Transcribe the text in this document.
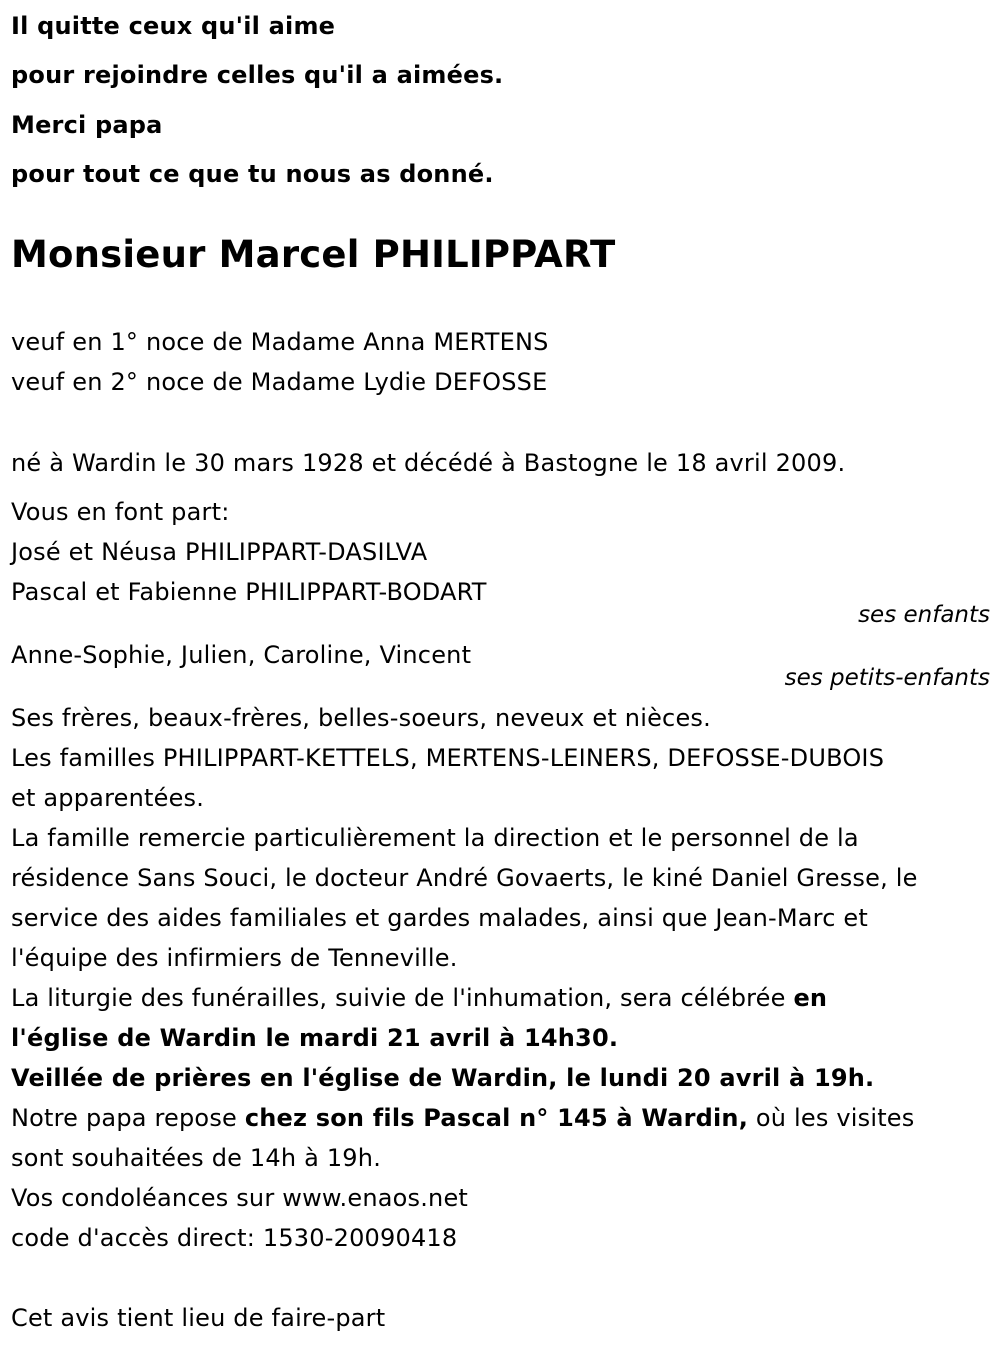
Il quitte ceux qu'il aime
pour rejoindre celles qu'il a aimées.
Merci papa
pour tout ce que tu nous as donné.
Monsieur Marcel PHILIPPART
veuf en 1° noce de Madame Anna MERTENS
veuf en 2° noce de Madame Lydie DEFOSSE
né à Wardin le 30 mars 1928 et décédé à Bastogne le 18 avril 2009.
Vous en font part:
José et Néusa PHILIPPART-DASILVA
Pascal et Fabienne PHILIPPART-BODART
ses enfants
Anne-Sophie, Julien, Caroline, Vincent
ses petits-enfants
Ses frères, beaux-frères, belles-soeurs, neveux et nièces.
Les familles PHILIPPART-KETTELS, MERTENS-LEINERS, DEFOSSE-DUBOIS
et apparentées.
La famille remercie particulièrement la direction et le personnel de la
résidence Sans Souci, le docteur André Govaerts, le kiné Daniel Gresse, le
service des aides familiales et gardes malades, ainsi que Jean-Marc et
l'équipe des infirmiers de Tenneville.
La liturgie des funérailles, suivie de l'inhumation, sera célébrée en
l'église de Wardin le mardi 21 avril à 14h30.
Veillée de prières en l'église de Wardin, le lundi 20 avril à 19h.
Notre papa repose chez son fils Pascal n° 145 à Wardin, où les visites
sont souhaitées de 14h à 19h.
Vos condoléances sur www.enaos.net
code d'accès direct: 1530-20090418
Cet avis tient lieu de faire-part
